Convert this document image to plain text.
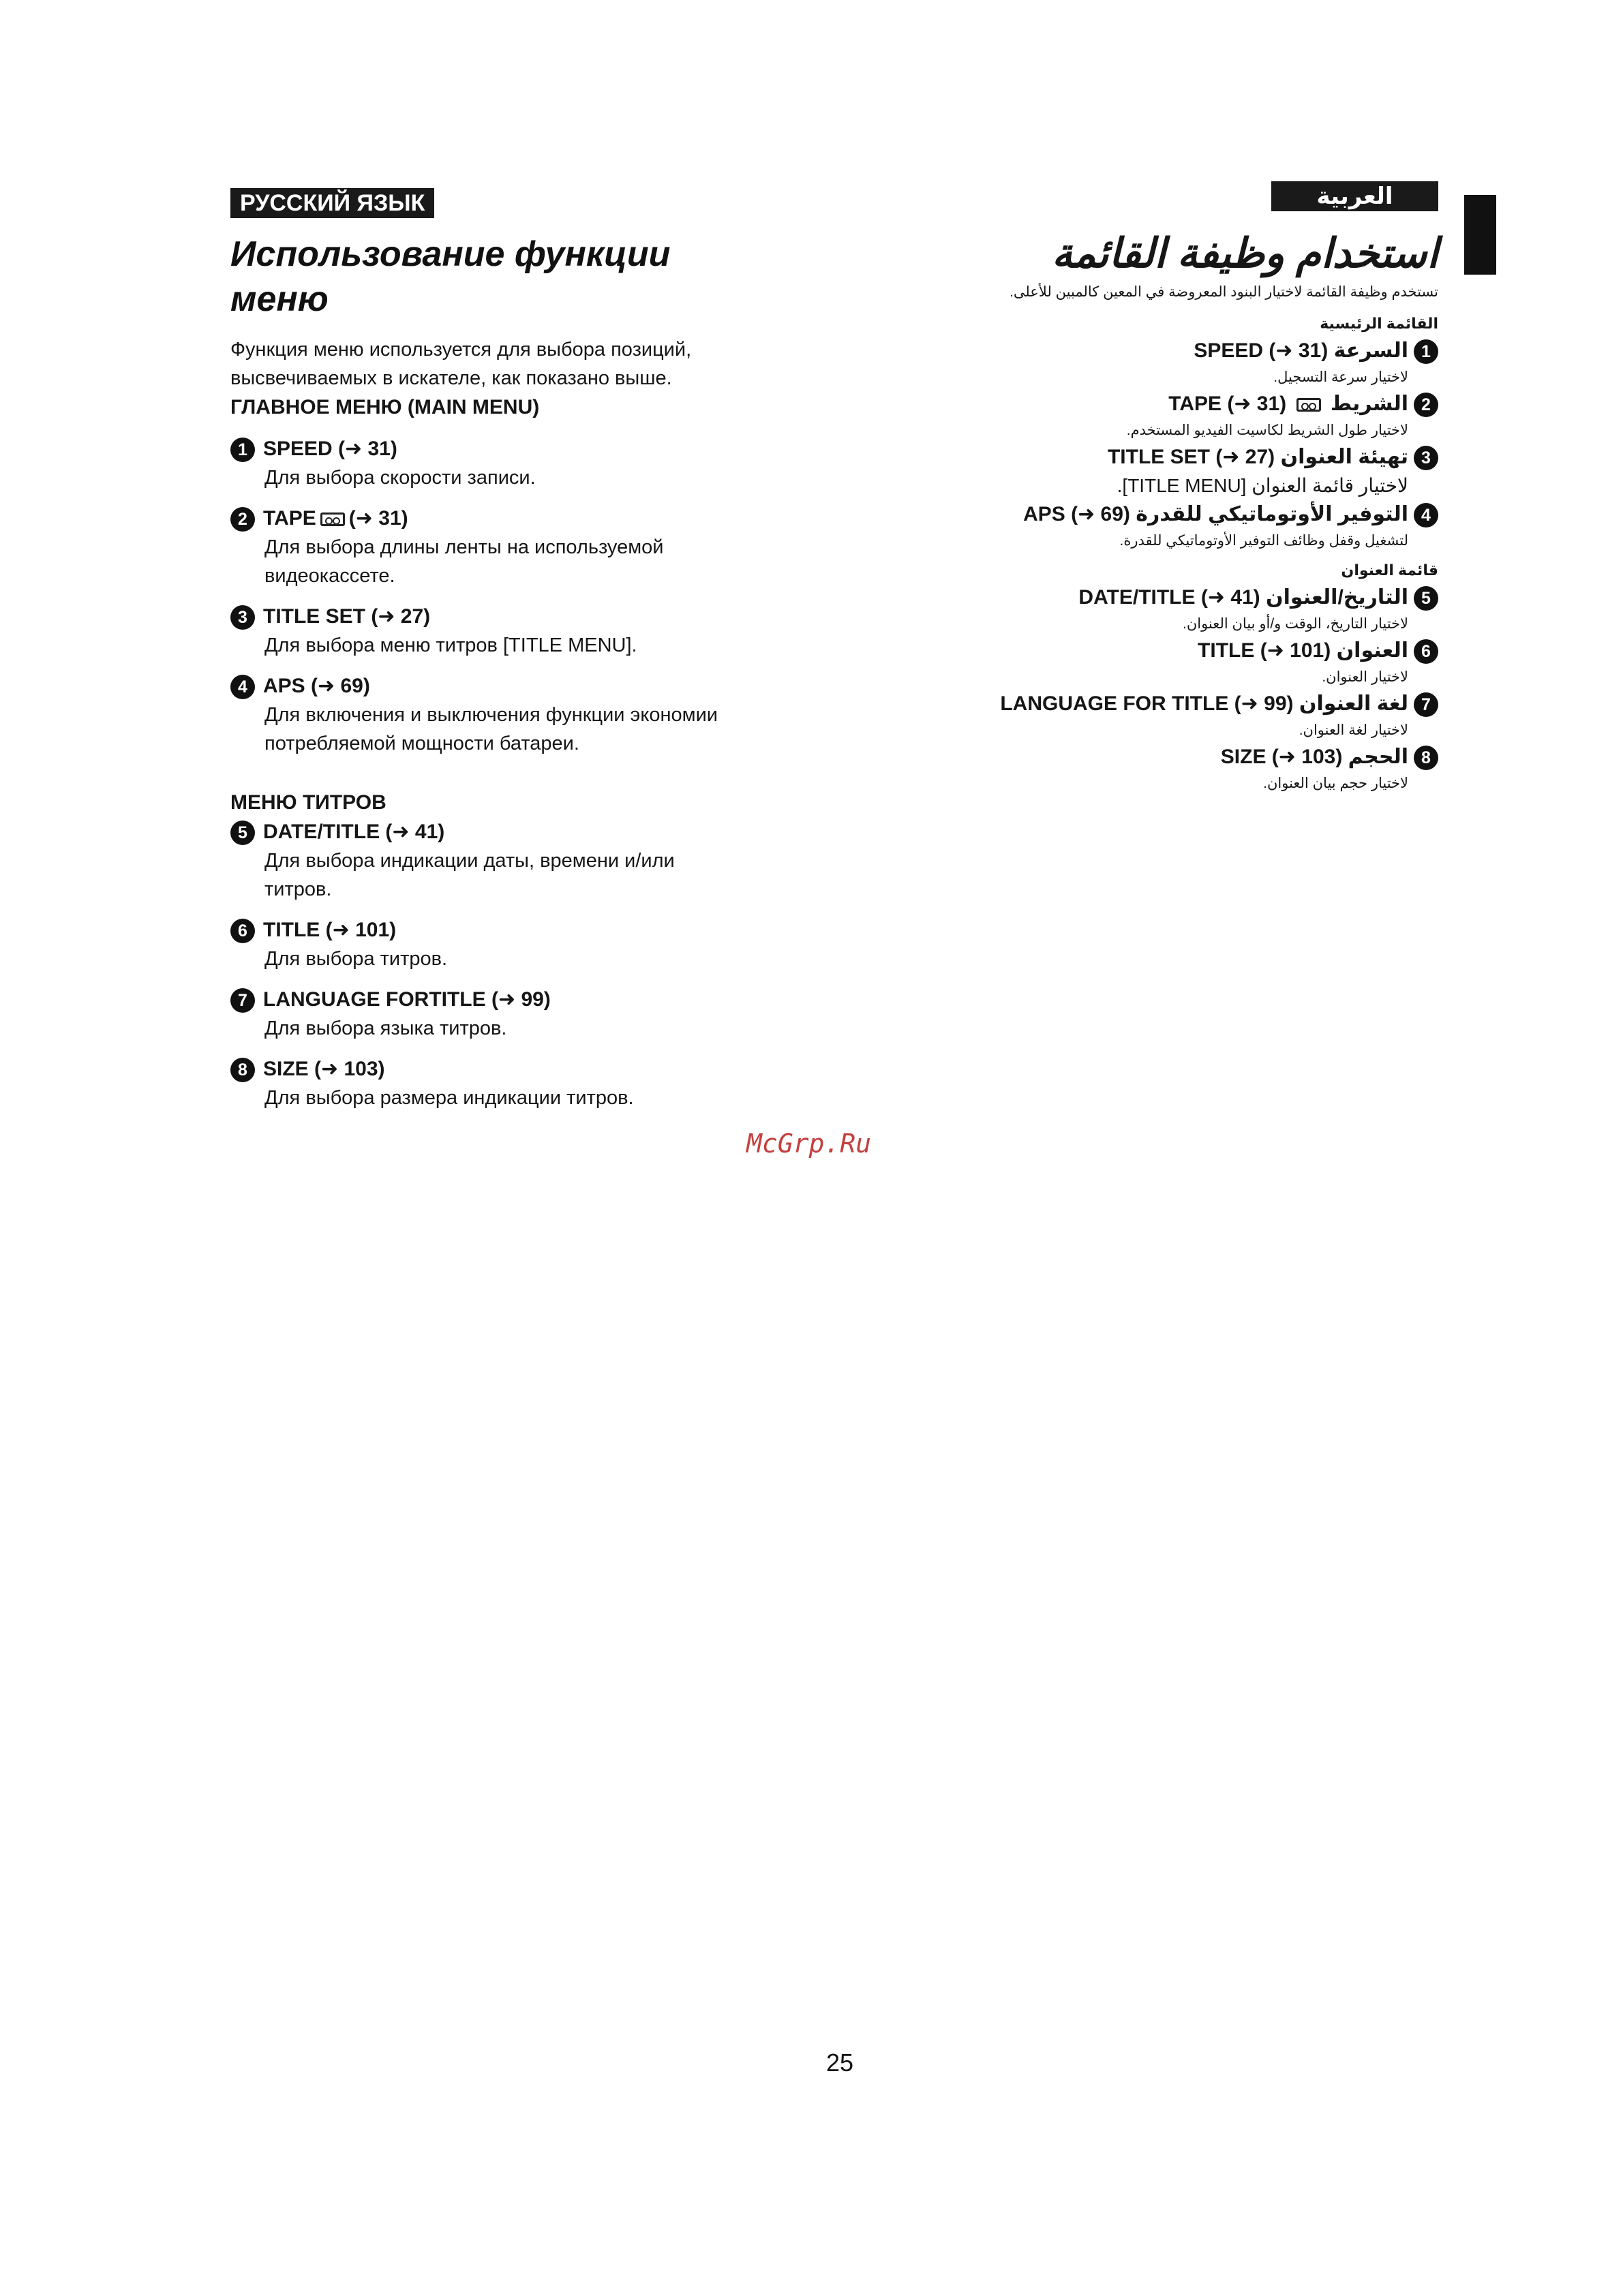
РУССКИЙ ЯЗЫК	العربية
Использование функции
меню

Функция меню используется для выбора позиций,
высвечиваемых в искателе, как показано выше.

ГЛАВНОЕ МЕНЮ (MAIN MENU)

1 SPEED (➜ 31)
Для выбора скорости записи.
2 TAPE (➜ 31)
Для выбора длины ленты на используемой
видеокассете.
3 TITLE SET (➜ 27)
Для выбора меню титров [TITLE MENU].
4 APS (➜ 69)
Для включения и выключения функции экономии
потребляемой мощности батареи.

МЕНЮ ТИТРОВ

5 DATE/TITLE (➜ 41)
Для выбора индикации даты, времени и/или
титров.
6 TITLE (➜ 101)
Для выбора титров.
7 LANGUAGE FORTITLE (➜ 99)
Для выбора языка титров.
8 SIZE (➜ 103)
Для выбора размера индикации титров.
استخدام وظيفة القائمة

تستخدم وظيفة القائمة لاختيار البنود المعروضة في المعين كالمبين للأعلى.

القائمة الرئيسية

1السرعة SPEED (➜ 31)
لاختيار سرعة التسجيل.
2الشريط  TAPE (➜ 31)
لاختيار طول الشريط لكاسيت الفيديو المستخدم.
3تهيئة العنوان TITLE SET (➜ 27)
لاختيار قائمة العنوان [TITLE MENU].
4التوفير الأوتوماتيكي للقدرة APS (➜ 69)
لتشغيل وقفل وظائف التوفير الأوتوماتيكي للقدرة.

قائمة العنوان

5التاريخ/العنوان DATE/TITLE (➜ 41)
لاختيار التاريخ، الوقت و/أو بيان العنوان.
6العنوان TITLE (➜ 101)
لاختيار العنوان.
7لغة العنوان LANGUAGE FOR TITLE (➜ 99)
لاختيار لغة العنوان.
8الحجم SIZE (➜ 103)
لاختيار حجم بيان العنوان.
McGrp.Ru
25
